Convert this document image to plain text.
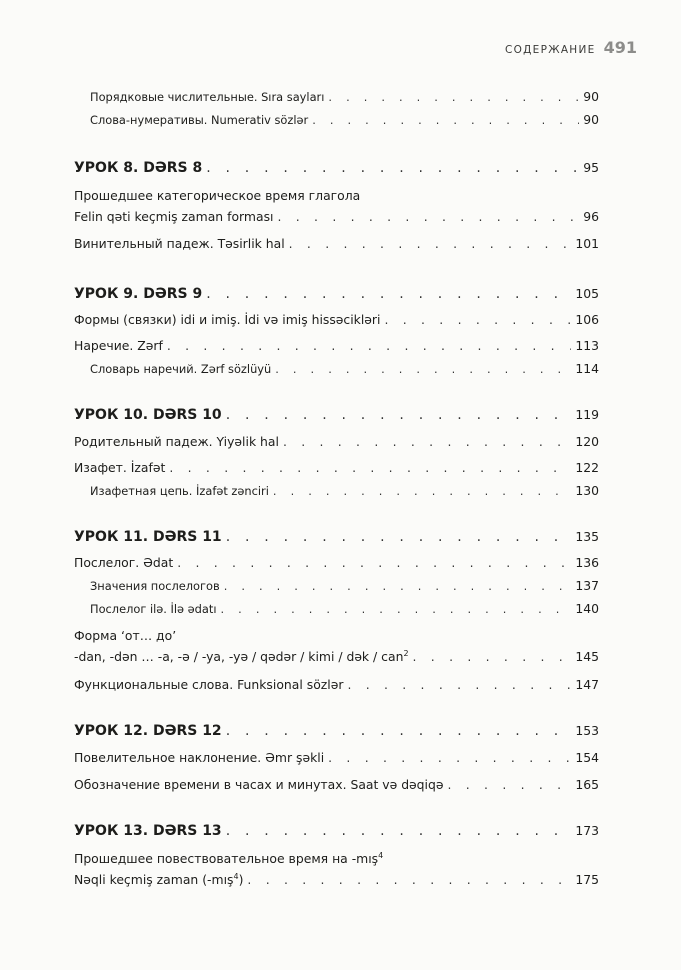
СОДЕРЖАНИЕ 491
Порядковые числительные. Sıra sayları . . .	90
Слова-нумеративы. Numerativ sözlər . . .	90
УРОК 8. DƏRS 8 . . .	95
Прошедшее категорическое время глагола
Felin qəti keçmiş zaman forması . . .	96
Винительный падеж. Təsirlik hal . . .	101
УРОК 9. DƏRS 9 . . .	105
Формы (связки) idi и imiş. İdi və imiş hissəcikləri . . .	106
Наречие. Zərf . . .	113
Словарь наречий. Zərf sözlüyü . . .	114
УРОК 10. DƏRS 10 . . .	119
Родительный падеж. Yiyəlik hal . . .	120
Изафет. İzafət . . .	122
Изафетная цепь. İzafət zənciri . . .	130
УРОК 11. DƏRS 11 . . .	135
Послелог. Ədat . . .	136
Значения послелогов . . .	137
Послелог ilə. İlə ədatı . . .	140
Форма ‘от… до’
-dan, -dən … -a, -ə / -ya, -yə / qədər / kimi / dək / can$^2$ . . .	145
Функциональные слова. Funksional sözlər . . .	147
УРОК 12. DƏRS 12 . . .	153
Повелительное наклонение. Əmr şəkli . . .	154
Обозначение времени в часах и минутах. Saat və dəqiqə . . .	165
УРОК 13. DƏRS 13 . . .	173
Прошедшее повествовательное время на -mış$^4$
Nəqli keçmiş zaman (-mış$^4$) . . .	175
